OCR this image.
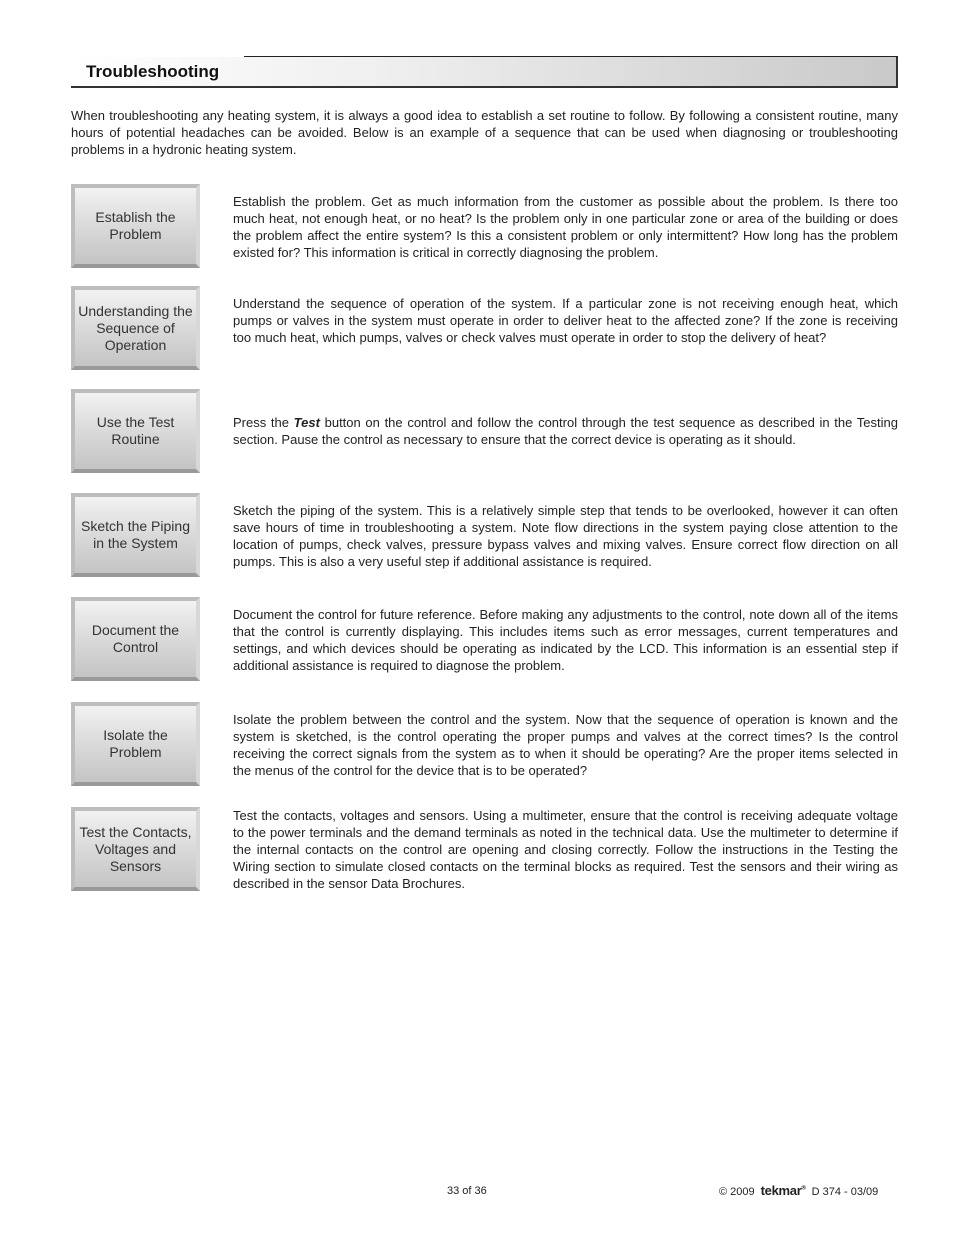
Troubleshooting

When troubleshooting any heating system, it is always a good idea to establish a set routine to follow. By following a consistent routine, many hours of potential headaches can be avoided. Below is an example of a sequence that can be used when diagnosing or troubleshooting problems in a hydronic heating system.

Establish the Problem

Establish the problem. Get as much information from the customer as possible about the problem. Is there too much heat, not enough heat, or no heat? Is the problem only in one particular zone or area of the building or does the problem affect the entire system? Is this a consistent problem or only intermittent? How long has the problem existed for? This information is critical in correctly diagnosing the problem.

Understanding the Sequence of Operation

Understand the sequence of operation of the system. If a particular zone is not receiving enough heat, which pumps or valves in the system must operate in order to deliver heat to the affected zone? If the zone is receiving too much heat, which pumps, valves or check valves must operate in order to stop the delivery of heat?

Use the Test Routine

Press the Test button on the control and follow the control through the test sequence as described in the Testing section. Pause the control as necessary to ensure that the correct device is operating as it should.

Sketch the Piping in the System

Sketch the piping of the system. This is a relatively simple step that tends to be overlooked, however it can often save hours of time in troubleshooting a system. Note flow directions in the system paying close attention to the location of pumps, check valves, pressure bypass valves and mixing valves. Ensure correct flow direction on all pumps. This is also a very useful step if additional assistance is required.

Document the Control

Document the control for future reference. Before making any adjustments to the control, note down all of the items that the control is currently displaying. This includes items such as error messages, current temperatures and settings, and which devices should be operating as indicated by the LCD. This information is an essential step if additional assistance is required to diagnose the problem.

Isolate the Problem

Isolate the problem between the control and the system. Now that the sequence of operation is known and the system is sketched, is the control operating the proper pumps and valves at the correct times? Is the control receiving the correct signals from the system as to when it should be operating? Are the proper items selected in the menus of the control for the device that is to be operated?

Test the Contacts, Voltages and Sensors

Test the contacts, voltages and sensors. Using a multimeter, ensure that the control is receiving adequate voltage to the power terminals and the demand terminals as noted in the technical data. Use the multimeter to determine if the internal contacts on the control are opening and closing correctly. Follow the instructions in the Testing the Wiring section to simulate closed contacts on the terminal blocks as required. Test the sensors and their wiring as described in the sensor Data Brochures.

33 of 36	© 2009 tekmar® D 374 - 03/09
